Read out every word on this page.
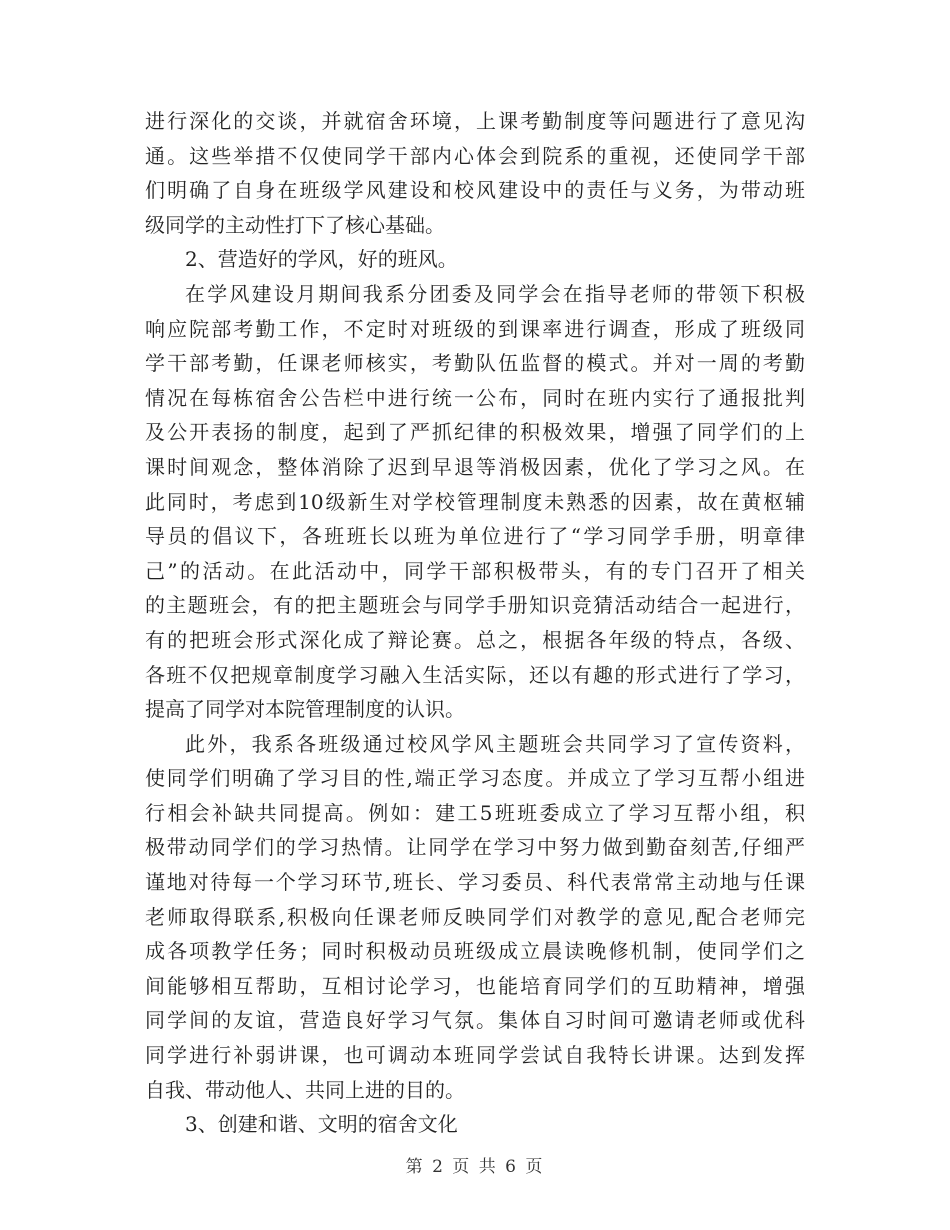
进行深化的交谈，并就宿舍环境，上课考勤制度等问题进行了意见沟
通。这些举措不仅使同学干部内心体会到院系的重视，还使同学干部
们明确了自身在班级学风建设和校风建设中的责任与义务，为带动班
级同学的主动性打下了核心基础。
2、营造好的学风，好的班风。
在学风建设月期间我系分团委及同学会在指导老师的带领下积极
响应院部考勤工作，不定时对班级的到课率进行调查，形成了班级同
学干部考勤，任课老师核实，考勤队伍监督的模式。并对一周的考勤
情况在每栋宿舍公告栏中进行统一公布，同时在班内实行了通报批判
及公开表扬的制度，起到了严抓纪律的积极效果，增强了同学们的上
课时间观念，整体消除了迟到早退等消极因素，优化了学习之风。在
此同时，考虑到10级新生对学校管理制度未熟悉的因素，故在黄枢辅
导员的倡议下，各班班长以班为单位进行了“学习同学手册，明章律
己”的活动。在此活动中，同学干部积极带头，有的专门召开了相关
的主题班会，有的把主题班会与同学手册知识竞猜活动结合一起进行，
有的把班会形式深化成了辩论赛。总之，根据各年级的特点，各级、
各班不仅把规章制度学习融入生活实际，还以有趣的形式进行了学习，
提高了同学对本院管理制度的认识。
此外，我系各班级通过校风学风主题班会共同学习了宣传资料，
使同学们明确了学习目的性,端正学习态度。并成立了学习互帮小组进
行相会补缺共同提高。例如：建工5班班委成立了学习互帮小组，积
极带动同学们的学习热情。让同学在学习中努力做到勤奋刻苦,仔细严
谨地对待每一个学习环节,班长、学习委员、科代表常常主动地与任课
老师取得联系,积极向任课老师反映同学们对教学的意见,配合老师完
成各项教学任务；同时积极动员班级成立晨读晚修机制，使同学们之
间能够相互帮助，互相讨论学习，也能培育同学们的互助精神，增强
同学间的友谊，营造良好学习气氛。集体自习时间可邀请老师或优科
同学进行补弱讲课，也可调动本班同学尝试自我特长讲课。达到发挥
自我、带动他人、共同上进的目的。
3、创建和谐、文明的宿舍文化
第 2 页 共 6 页
